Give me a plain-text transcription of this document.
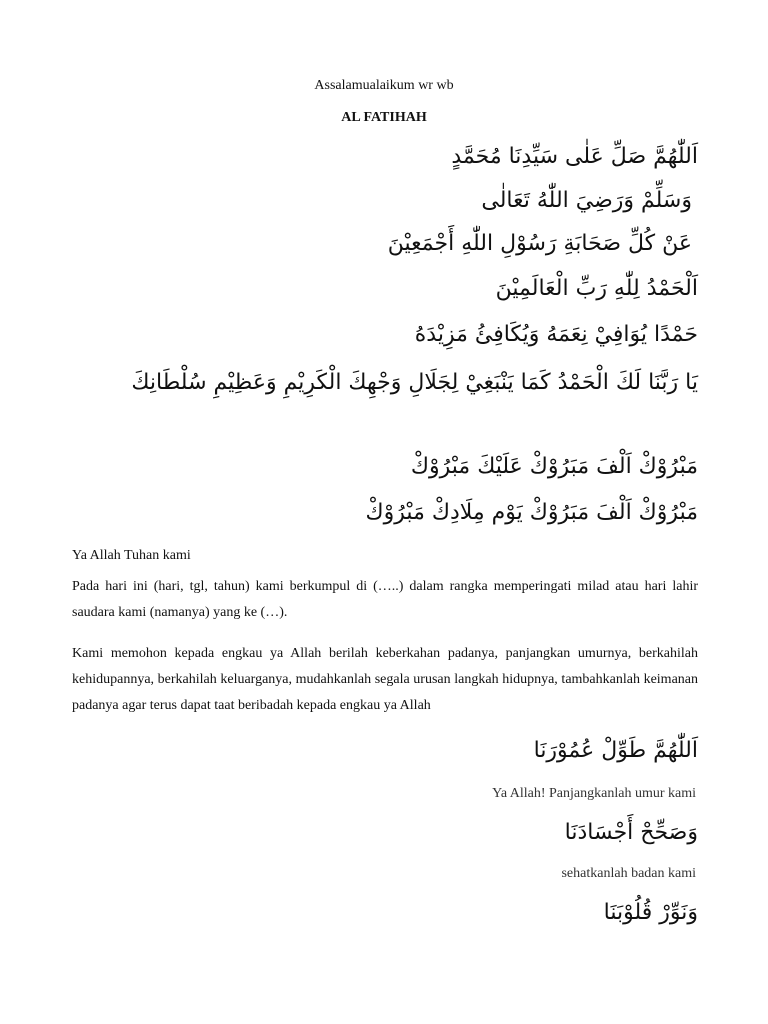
Assalamualaikum wr wb
AL FATIHAH
اَللّٰهُمَّ صَلِّ عَلٰى سَيِّدِنَا مُحَمَّدٍ
وَسَلِّمْ وَرَضِيَ اللّٰهُ تَعَالٰى
عَنْ كُلِّ صَحَابَةِ رَسُوْلِ اللّٰهِ أَجْمَعِيْنَ
اَلْحَمْدُ لِلّٰهِ رَبِّ الْعَالَمِيْنَ
حَمْدًا يُوَافِيْ نِعَمَهُ وَيُكَافِئُ مَزِيْدَهُ
يَا رَبَّنَا لَكَ الْحَمْدُ كَمَا يَنْبَغِيْ لِجَلَالِ وَجْهِكَ الْكَرِيْمِ وَعَظِيْمِ سُلْطَانِكَ
مَبْرُوْكْ اَلْفَ مَبَرُوْكْ عَلَيْكَ مَبْرُوْكْ
مَبْرُوْكْ اَلْفَ مَبَرُوْكْ يَوْم مِلَادِكْ مَبْرُوْكْ
Ya Allah Tuhan kami
Pada hari ini (hari, tgl, tahun) kami berkumpul di (…..) dalam rangka memperingati milad atau hari lahir saudara kami (namanya) yang ke (…).
Kami memohon kepada engkau ya Allah berilah keberkahan padanya, panjangkan umurnya, berkahilah kehidupannya, berkahilah keluarganya, mudahkanlah segala urusan langkah hidupnya, tambahkanlah keimanan padanya agar terus dapat taat beribadah kepada engkau ya Allah
اَللّٰهُمَّ طَوِّلْ عُمُوْرَنَا
Ya Allah! Panjangkanlah umur kami
وَصَحِّحْ أَجْسَادَنَا
sehatkanlah badan kami
وَنَوِّرْ قُلُوْبَنَا
